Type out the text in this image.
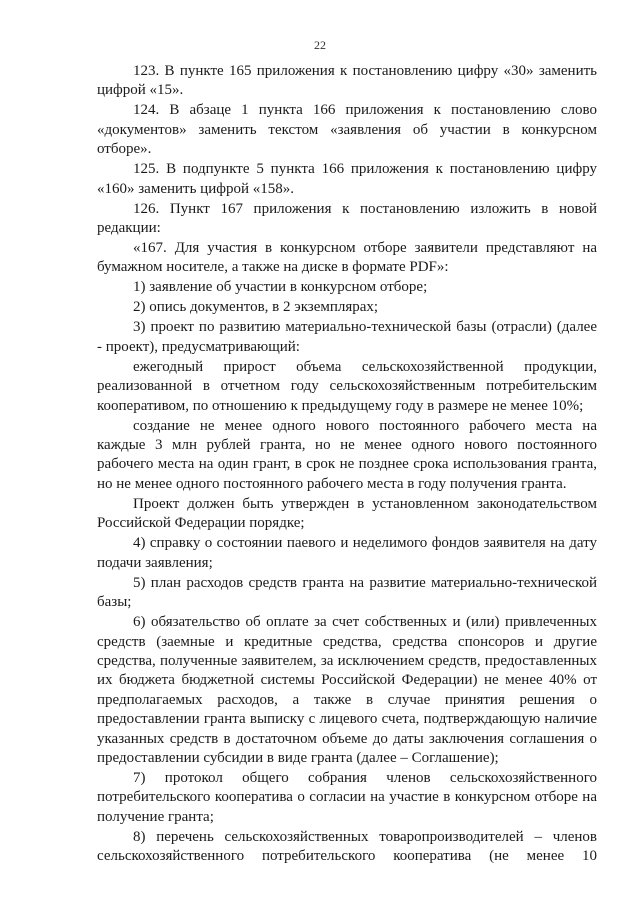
22

123. В пункте 165 приложения к постановлению цифру «30» заменить цифрой «15».

124. В абзаце 1 пункта 166 приложения к постановлению слово «документов» заменить текстом «заявления об участии в конкурсном отборе».

125. В подпункте 5 пункта 166 приложения к постановлению цифру «160» заменить цифрой «158».

126. Пункт 167 приложения к постановлению изложить в новой редакции:

«167. Для участия в конкурсном отборе заявители представляют на бумажном носителе, а также на диске в формате PDF»:

1) заявление об участии в конкурсном отборе;

2) опись документов, в 2 экземплярах;

3) проект по развитию материально-технической базы (отрасли) (далее - проект), предусматривающий:

ежегодный прирост объема сельскохозяйственной продукции, реализованной в отчетном году сельскохозяйственным потребительским кооперативом, по отношению к предыдущему году в размере не менее 10%;

создание не менее одного нового постоянного рабочего места на каждые 3 млн рублей гранта, но не менее одного нового постоянного рабочего места на один грант, в срок не позднее срока использования гранта, но не менее одного постоянного рабочего места в году получения гранта.

Проект должен быть утвержден в установленном законодательством Российской Федерации порядке;

4) справку о состоянии паевого и неделимого фондов заявителя на дату подачи заявления;

5) план расходов средств гранта на развитие материально-технической базы;

6) обязательство об оплате за счет собственных и (или) привлеченных средств (заемные и кредитные средства, средства спонсоров и другие средства, полученные заявителем, за исключением средств, предоставленных их бюджета бюджетной системы Российской Федерации) не менее 40% от предполагаемых расходов, а также в случае принятия решения о предоставлении гранта выписку с лицевого счета, подтверждающую наличие указанных средств в достаточном объеме до даты заключения соглашения о предоставлении субсидии в виде гранта (далее – Соглашение);

7) протокол общего собрания членов сельскохозяйственного потребительского кооператива о согласии на участие в конкурсном отборе на получение гранта;

8) перечень сельскохозяйственных товаропроизводителей – членов сельскохозяйственного потребительского кооператива (не менее 10
